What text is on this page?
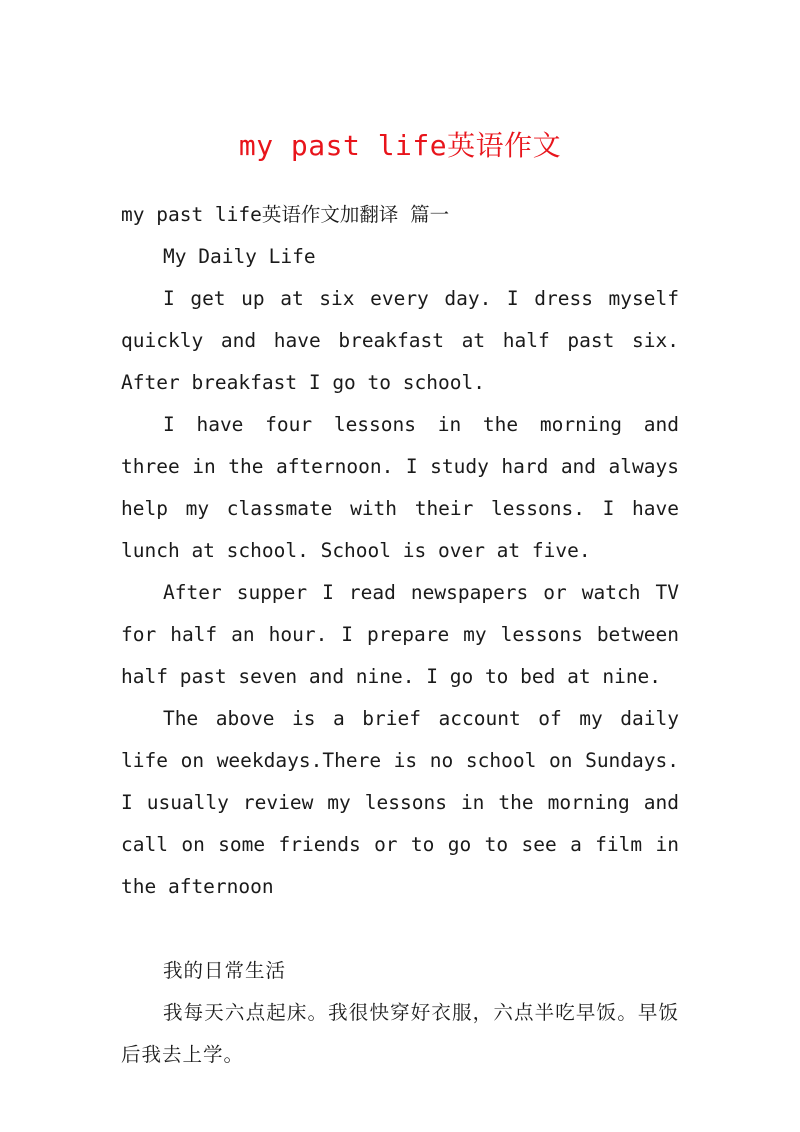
my past life英语作文

my past life英语作文加翻译 篇一

My Daily Life

I get up at six every day. I dress myself quickly and have breakfast at half past six. After breakfast I go to school.

I have four lessons in the morning and three in the afternoon. I study hard and always help my classmate with their lessons. I have lunch at school. School is over at five.

After supper I read newspapers or watch TV for half an hour. I prepare my lessons between half past seven and nine. I go to bed at nine.

The above is a brief account of my daily life on weekdays.There is no school on Sundays. I usually review my lessons in the morning and call on some friends or to go to see a film in the afternoon

我的日常生活

我每天六点起床。我很快穿好衣服，六点半吃早饭。早饭后我去上学。
